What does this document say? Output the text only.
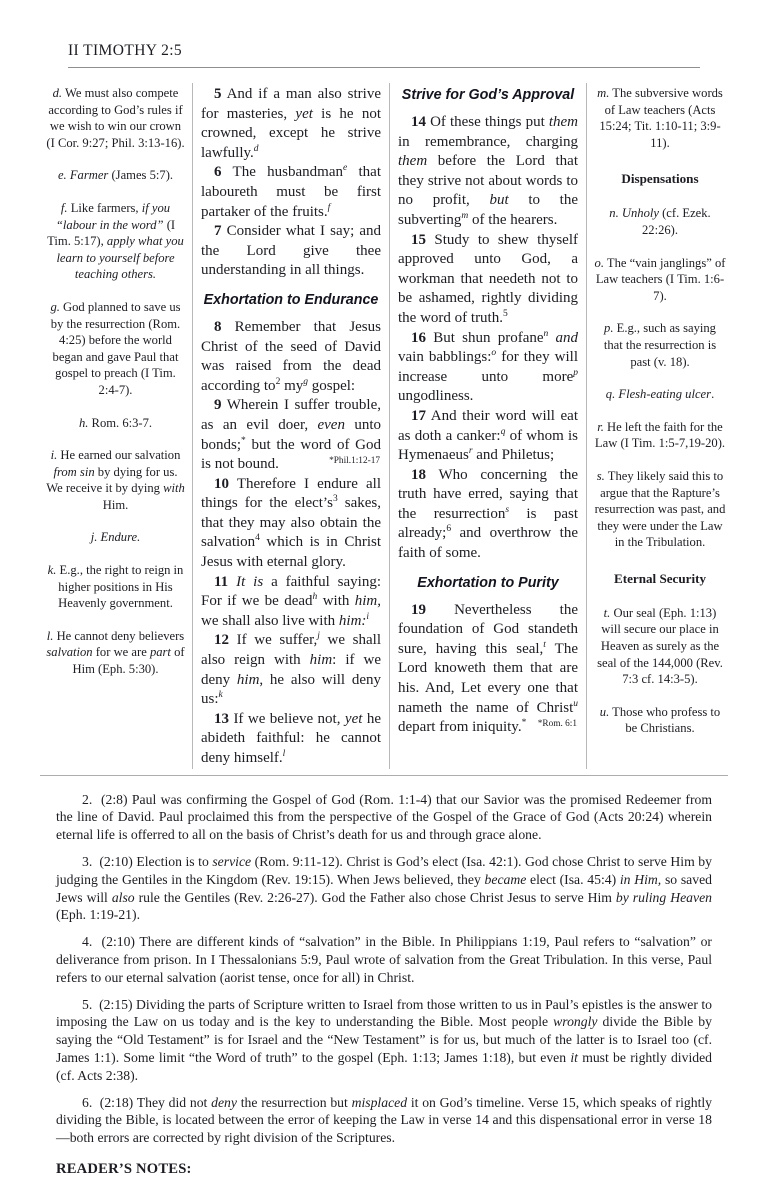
II TIMOTHY 2:5

d. We must also compete according to God’s rules if we wish to win our crown (I Cor. 9:27; Phil. 3:13-16).

e. Farmer (James 5:7).

f. Like farmers, if you “labour in the word” (I Tim. 5:17), apply what you learn to yourself before teaching others.

g. God planned to save us by the resurrection (Rom. 4:25) before the world began and gave Paul that gospel to preach (I Tim. 2:4-7).

h. Rom. 6:3-7.

i. He earned our salvation from sin by dying for us. We receive it by dying with Him.

j. Endure.

k. E.g., the right to reign in higher positions in His Heavenly government.

l. He cannot deny believers salvation for we are part of Him (Eph. 5:30).

5 And if a man also strive for masteries, yet is he not crowned, except he strive lawfully.$^d$

6 The husbandman$^e$ that laboureth must be first partaker of the fruits.$^f$

7 Consider what I say; and the Lord give thee understanding in all things.

Exhortation to Endurance

8 Remember that Jesus Christ of the seed of David was raised from the dead according $to^2$ $my^g$ gospel:

9 Wherein I suffer trouble, as an evil doer, even unto bonds;* but the word of God is not bound.	*Phil.1:12-17

10 Therefore I endure all things for the $elect’s^3$ sakes, that they may also obtain the salvation$^4$ which is in Christ Jesus with eternal glory.

11 It is a faithful saying: For if we be dead$^h$ with him, we shall also live with him:$^i$

12 If we suffer,$^j$ we shall also reign with him: if we deny him, he also will deny us:$^k$

13 If we believe not, yet he abideth faithful: he cannot deny himself.$^l$

Strive for God’s Approval

14 Of these things put them in remembrance, charging them before the Lord that they strive not about words to no profit, but to the subverting$^m$ of the hearers.

15 Study to shew thyself approved unto God, a workman that needeth not to be ashamed, rightly dividing the word of truth.$^5$

16 But shun profane$^n$ and vain babblings:$^o$ for they will increase unto more$^p$ ungodliness.

17 And their word will eat as doth a canker:$^q$ of whom is Hymenaeus$^r$ and Philetus;

18 Who concerning the truth have erred, saying that the resurrection$^s$ is past already;$^6$ and overthrow the faith of some.

Exhortation to Purity

19 Nevertheless the foundation of God standeth sure, having this seal,$^t$ The Lord knoweth them that are his. And, Let every one that nameth the name of Christ$^u$ depart from iniquity.*	*Rom. 6:1

m. The subversive words of Law teachers (Acts 15:24; Tit. 1:10-11; 3:9-11).

Dispensations

n. Unholy (cf. Ezek. 22:26).

o. The “vain janglings” of Law teachers (I Tim. 1:6-7).

p. E.g., such as saying that the resurrection is past (v. 18).

q. Flesh-eating ulcer.

r. He left the faith for the Law (I Tim. 1:5-7,19-20).

s. They likely said this to argue that the Rapture’s resurrection was past, and they were under the Law in the Tribulation.

Eternal Security

t. Our seal (Eph. 1:13) will secure our place in Heaven as surely as the seal of the 144,000 (Rev. 7:3 cf. 14:3-5).

u. Those who profess to be Christians.

2.  (2:8) Paul was confirming the Gospel of God (Rom. 1:1-4) that our Savior was the promised Redeemer from the line of David. Paul proclaimed this from the perspective of the Gospel of the Grace of God (Acts 20:24) wherein eternal life is offerred to all on the basis of Christ’s death for us and through grace alone.

3.  (2:10) Election is to service (Rom. 9:11-12). Christ is God’s elect (Isa. 42:1). God chose Christ to serve Him by judging the Gentiles in the Kingdom (Rev. 19:15). When Jews believed, they became elect (Isa. 45:4) in Him, so saved Jews will also rule the Gentiles (Rev. 2:26-27). God the Father also chose Christ Jesus to serve Him by ruling Heaven (Eph. 1:19-21).

4.  (2:10) There are different kinds of “salvation” in the Bible. In Philippians 1:19, Paul refers to “salvation” or deliverance from prison. In I Thessalonians 5:9, Paul wrote of salvation from the Great Tribulation. In this verse, Paul refers to our eternal salvation (aorist tense, once for all) in Christ.

5.  (2:15) Dividing the parts of Scripture written to Israel from those written to us in Paul’s epistles is the answer to imposing the Law on us today and is the key to understanding the Bible. Most people wrongly divide the Bible by saying the “Old Testament” is for Israel and the “New Testament” is for us, but much of the latter is to Israel too (cf. James 1:1). Some limit “the Word of truth” to the gospel (Eph. 1:13; James 1:18), but even it must be rightly divided (cf. Acts 2:38).

6.  (2:18) They did not deny the resurrection but misplaced it on God’s timeline. Verse 15, which speaks of rightly dividing the Bible, is located between the error of keeping the Law in verse 14 and this dispensational error in verse 18—both errors are corrected by right division of the Scriptures.

READER’S NOTES:
